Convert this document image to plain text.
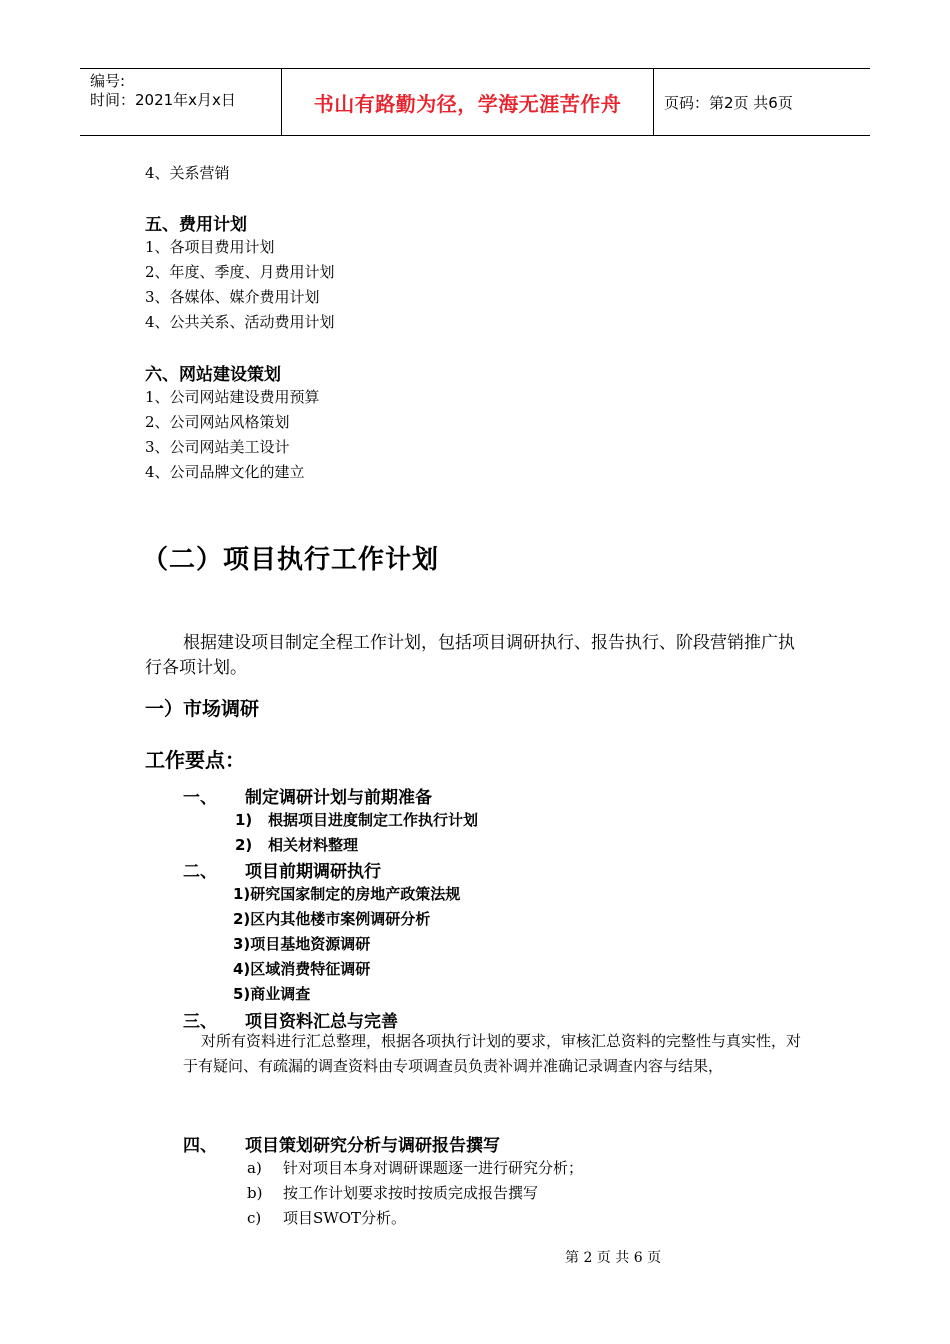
编号:
时间：2021年x月x日	书山有路勤为径，学海无涯苦作舟	页码：第2页 共6页
4、关系营销
五、费用计划
1、各项目费用计划
2、年度、季度、月费用计划
3、各媒体、媒介费用计划
4、公共关系、活动费用计划
六、网站建设策划
1、公司网站建设费用预算
2、公司网站风格策划
3、公司网站美工设计
4、公司品牌文化的建立
（二）项目执行工作计划
根据建设项目制定全程工作计划，包括项目调研执行、报告执行、阶段营销推广执行各项计划。
一）市场调研
工作要点：
一、 制定调研计划与前期准备
1) 根据项目进度制定工作执行计划
2) 相关材料整理
二、 项目前期调研执行
1)研究国家制定的房地产政策法规
2)区内其他楼市案例调研分析
3)项目基地资源调研
4)区域消费特征调研
5)商业调查
三、 项目资料汇总与完善
对所有资料进行汇总整理，根据各项执行计划的要求，审核汇总资料的完整性与真实性，对于有疑问、有疏漏的调查资料由专项调查员负责补调并准确记录调查内容与结果，
四、 项目策划研究分析与调研报告撰写
a) 针对项目本身对调研课题逐一进行研究分析；
b) 按工作计划要求按时按质完成报告撰写
c) 项目SWOT分析。
第 2 页 共 6 页
